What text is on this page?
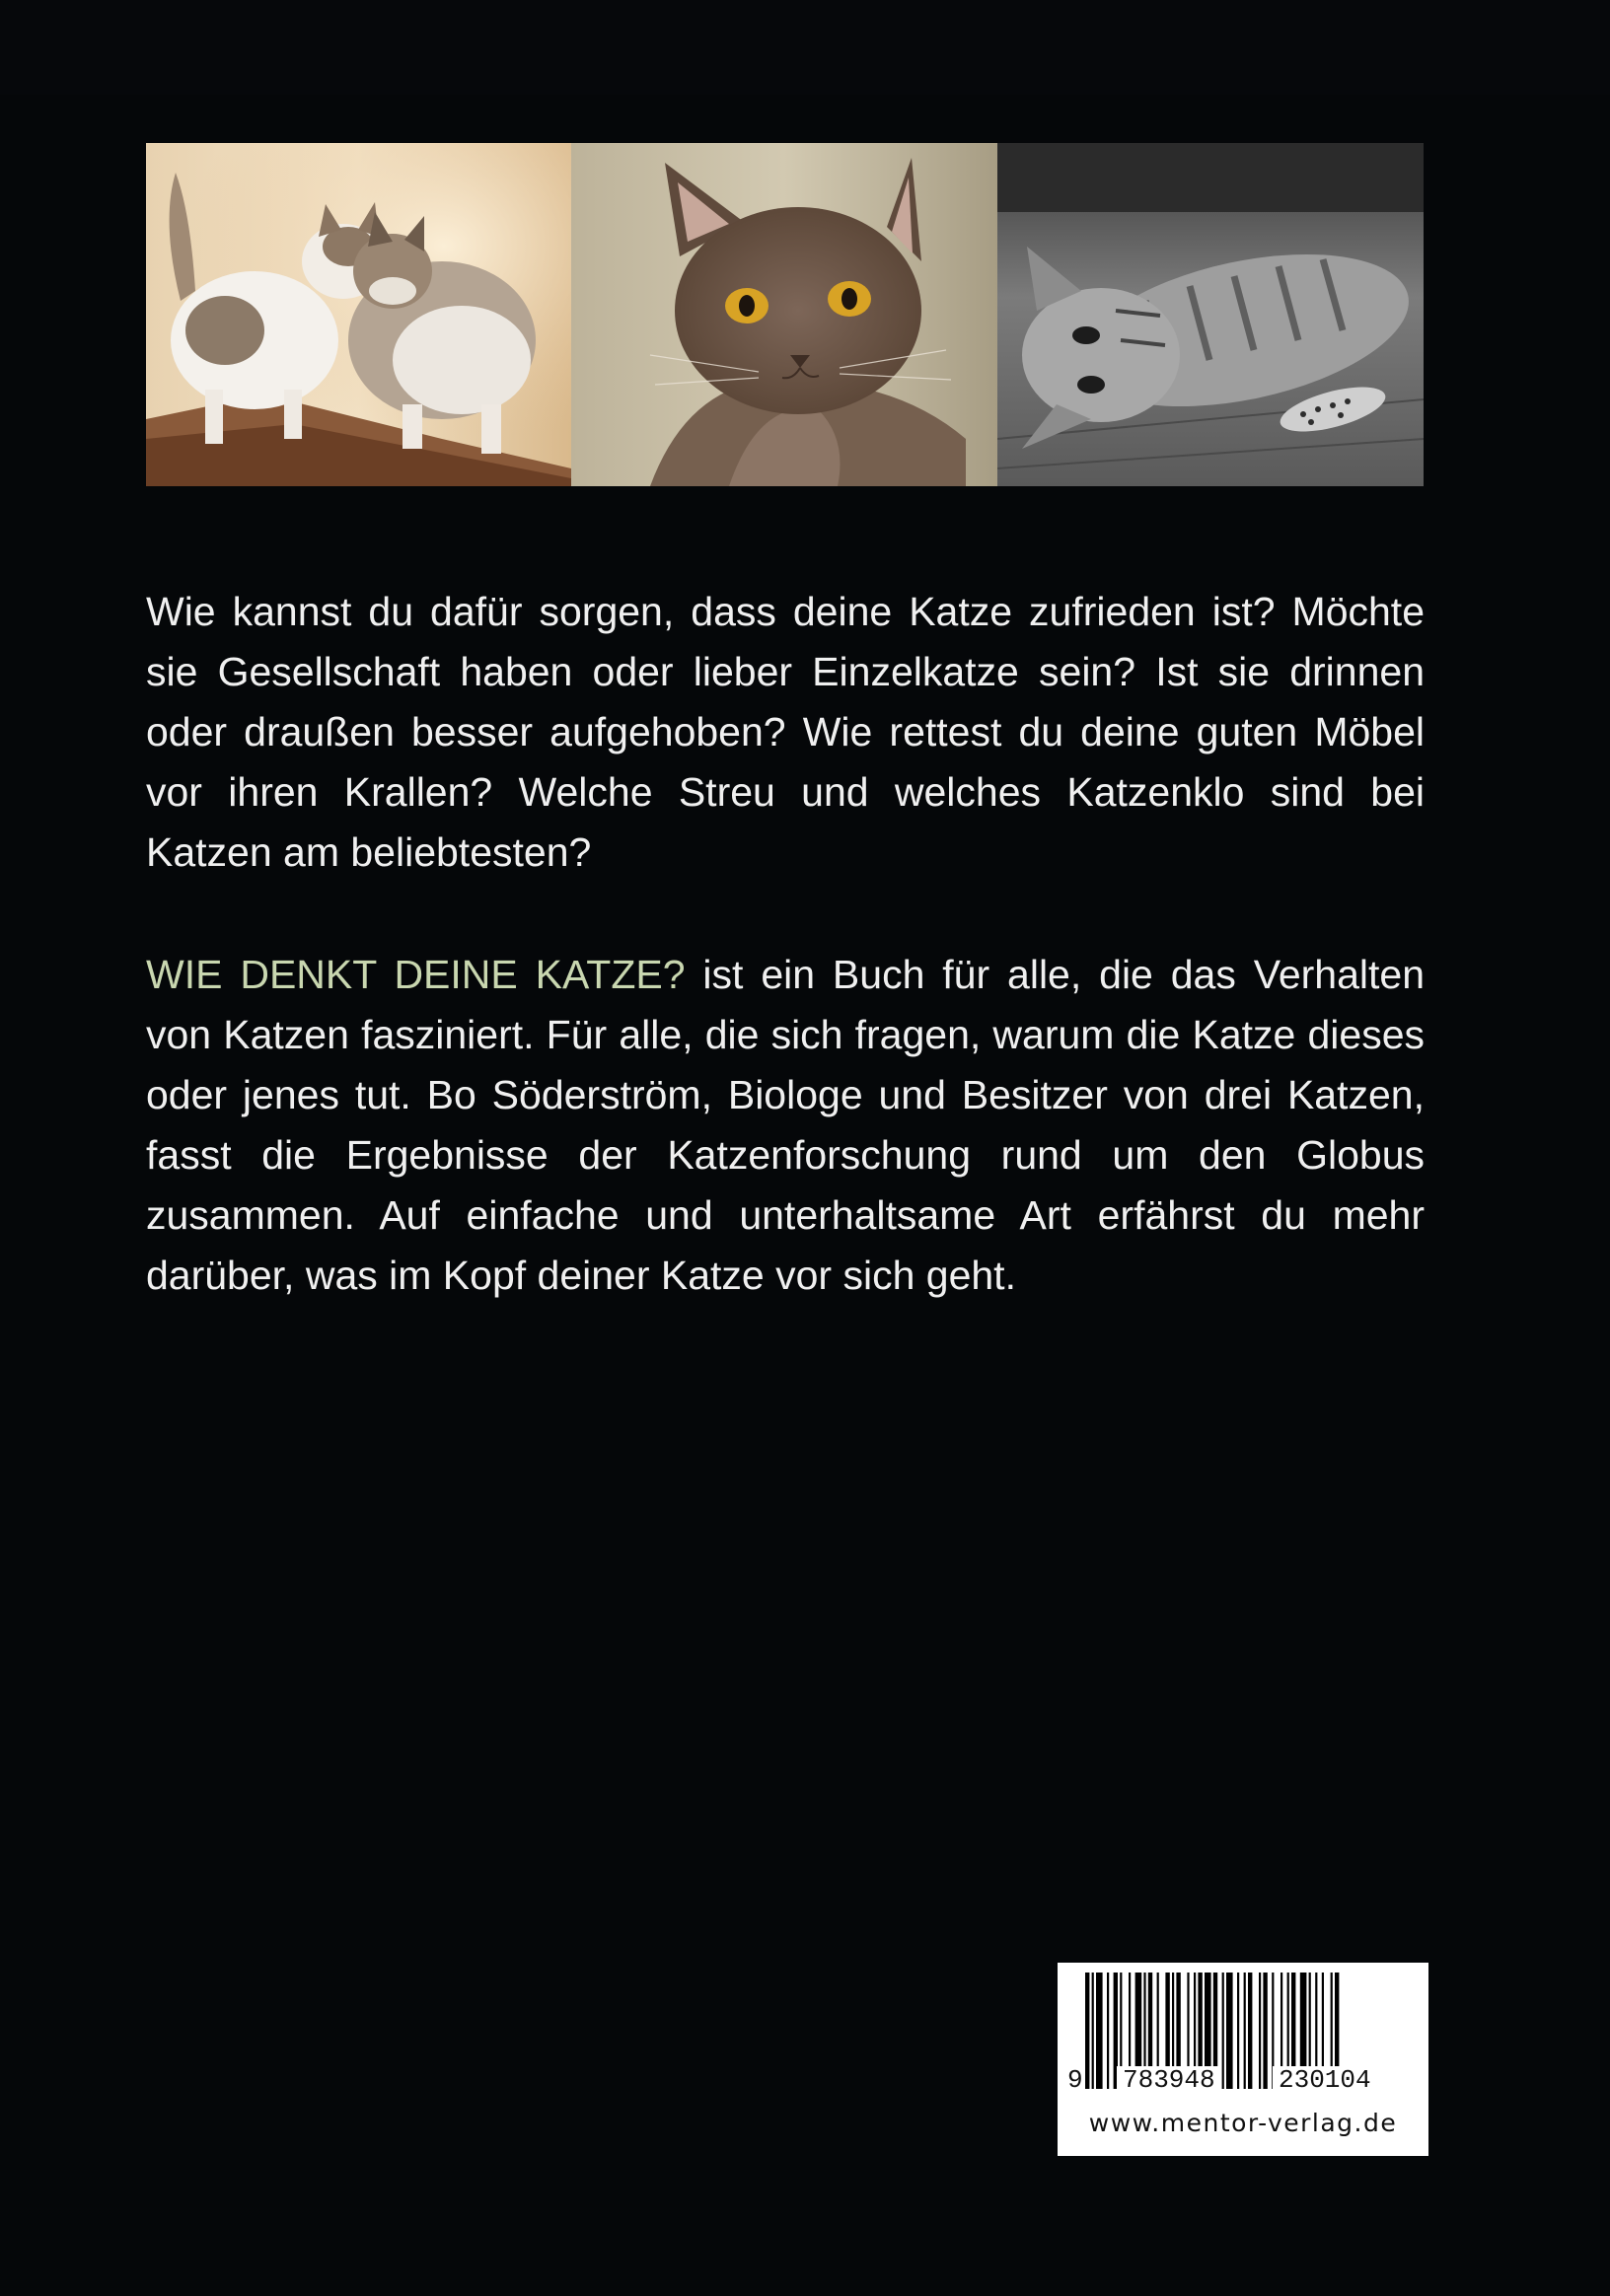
Wie kannst du dafür sorgen, dass deine Katze zufrieden ist? Möchte sie Gesellschaft haben oder lieber Einzelkatze sein? Ist sie drinnen oder draußen besser aufgehoben? Wie rettest du deine guten Möbel vor ihren Krallen? Welche Streu und welches Katzenklo sind bei Katzen am beliebtesten?

WIE DENKT DEINE KATZE? ist ein Buch für alle, die das Verhalten von Katzen fasziniert. Für alle, die sich fragen, warum die Katze dieses oder jenes tut. Bo Söderström, Biologe und Besitzer von drei Katzen, fasst die Ergebnisse der Katzenforschung rund um den Globus zusammen. Auf einfache und unterhaltsame Art erfährst du mehr darüber, was im Kopf deiner Katze vor sich geht.

9 783948 230104
www.mentor-verlag.de
